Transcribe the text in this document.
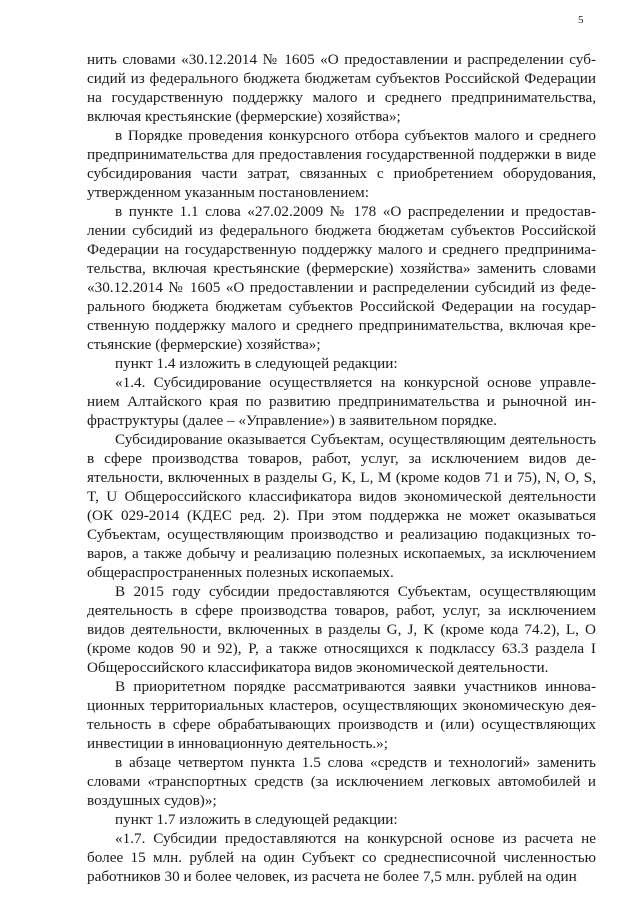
5

нить словами «30.12.2014 № 1605 «О предоставлении и распределении субсидий из федерального бюджета бюджетам субъектов Российской Федерации на государственную поддержку малого и среднего предпринимательства, включая крестьянские (фермерские) хозяйства»;

в Порядке проведения конкурсного отбора субъектов малого и среднего предпринимательства для предоставления государственной поддержки в виде субсидирования части затрат, связанных с приобретением оборудования, утвержденном указанным постановлением:

в пункте 1.1 слова «27.02.2009 № 178 «О распределении и предоставлении субсидий из федерального бюджета бюджетам субъектов Российской Федерации на государственную поддержку малого и среднего предпринимательства, включая крестьянские (фермерские) хозяйства» заменить словами «30.12.2014 № 1605 «О предоставлении и распределении субсидий из федерального бюджета бюджетам субъектов Российской Федерации на государственную поддержку малого и среднего предпринимательства, включая крестьянские (фермерские) хозяйства»;

пункт 1.4 изложить в следующей редакции:

«1.4. Субсидирование осуществляется на конкурсной основе управлением Алтайского края по развитию предпринимательства и рыночной инфраструктуры (далее – «Управление») в заявительном порядке.

Субсидирование оказывается Субъектам, осуществляющим деятельность в сфере производства товаров, работ, услуг, за исключением видов деятельности, включенных в разделы G, K, L, M (кроме кодов 71 и 75), N, O, S, T, U Общероссийского классификатора видов экономической деятельности (ОК 029-2014 (КДЕС ред. 2). При этом поддержка не может оказываться Субъектам, осуществляющим производство и реализацию подакцизных товаров, а также добычу и реализацию полезных ископаемых, за исключением общераспространенных полезных ископаемых.

В 2015 году субсидии предоставляются Субъектам, осуществляющим деятельность в сфере производства товаров, работ, услуг, за исключением видов деятельности, включенных в разделы G, J, K (кроме кода 74.2), L, O (кроме кодов 90 и 92), P, а также относящихся к подклассу 63.3 раздела I Общероссийского классификатора видов экономической деятельности.

В приоритетном порядке рассматриваются заявки участников инновационных территориальных кластеров, осуществляющих экономическую деятельность в сфере обрабатывающих производств и (или) осуществляющих инвестиции в инновационную деятельность.»;

в абзаце четвертом пункта 1.5 слова «средств и технологий» заменить словами «транспортных средств (за исключением легковых автомобилей и воздушных судов)»;

пункт 1.7 изложить в следующей редакции:

«1.7. Субсидии предоставляются на конкурсной основе из расчета не более 15 млн. рублей на один Субъект со среднесписочной численностью работников 30 и более человек, из расчета не более 7,5 млн. рублей на один
